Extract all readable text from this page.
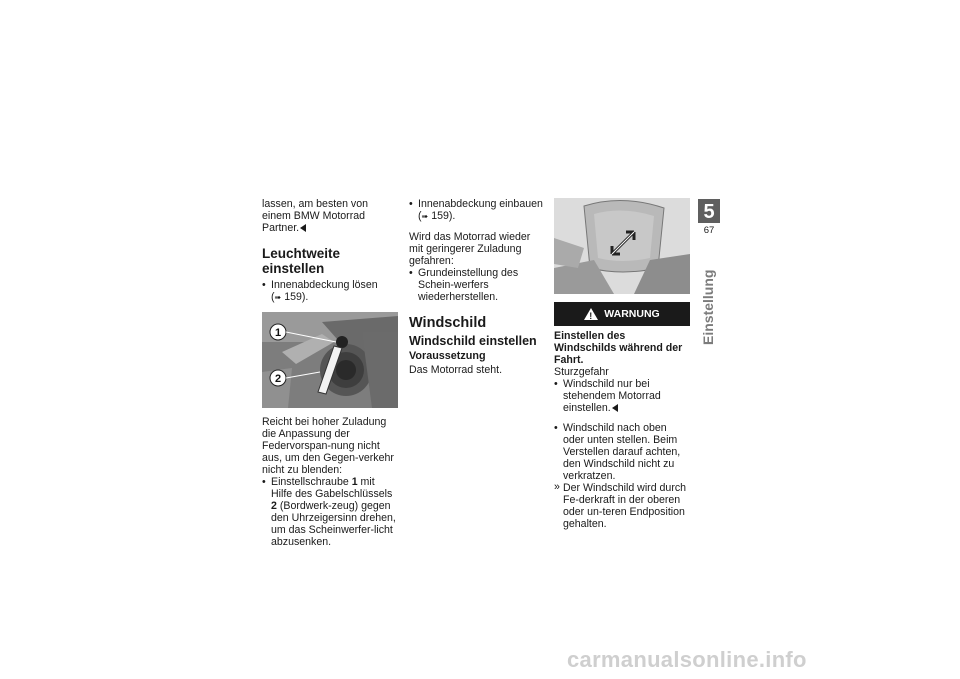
lassen, am besten von einem BMW Motorrad Partner.

Leuchtweite einstellen

• Innenabdeckung lösen
(➠ 159).

1
2

Reicht bei hoher Zuladung die Anpassung der Federvorspan-nung nicht aus, um den Gegen-verkehr nicht zu blenden:

• Einstellschraube 1 mit Hilfe des Gabelschlüssels 2 (Bordwerk-zeug) gegen den Uhrzeigersinn drehen, um das Scheinwerfer-licht abzusenken.

• Innenabdeckung einbauen
(➠ 159).

Wird das Motorrad wieder mit geringerer Zuladung gefahren:

• Grundeinstellung des Schein-werfers wiederherstellen.

Windschild
Windschild einstellen
Voraussetzung

Das Motorrad steht.

! WARNUNG

Einstellen des Windschilds während der Fahrt.

Sturzgefahr

• Windschild nur bei stehendem Motorrad einstellen.

• Windschild nach oben oder unten stellen. Beim Verstellen darauf achten, den Windschild nicht zu verkratzen.

» Der Windschild wird durch Fe-derkraft in der oberen oder un-teren Endposition gehalten.

5
67
Einstellung
carmanualsonline.info
